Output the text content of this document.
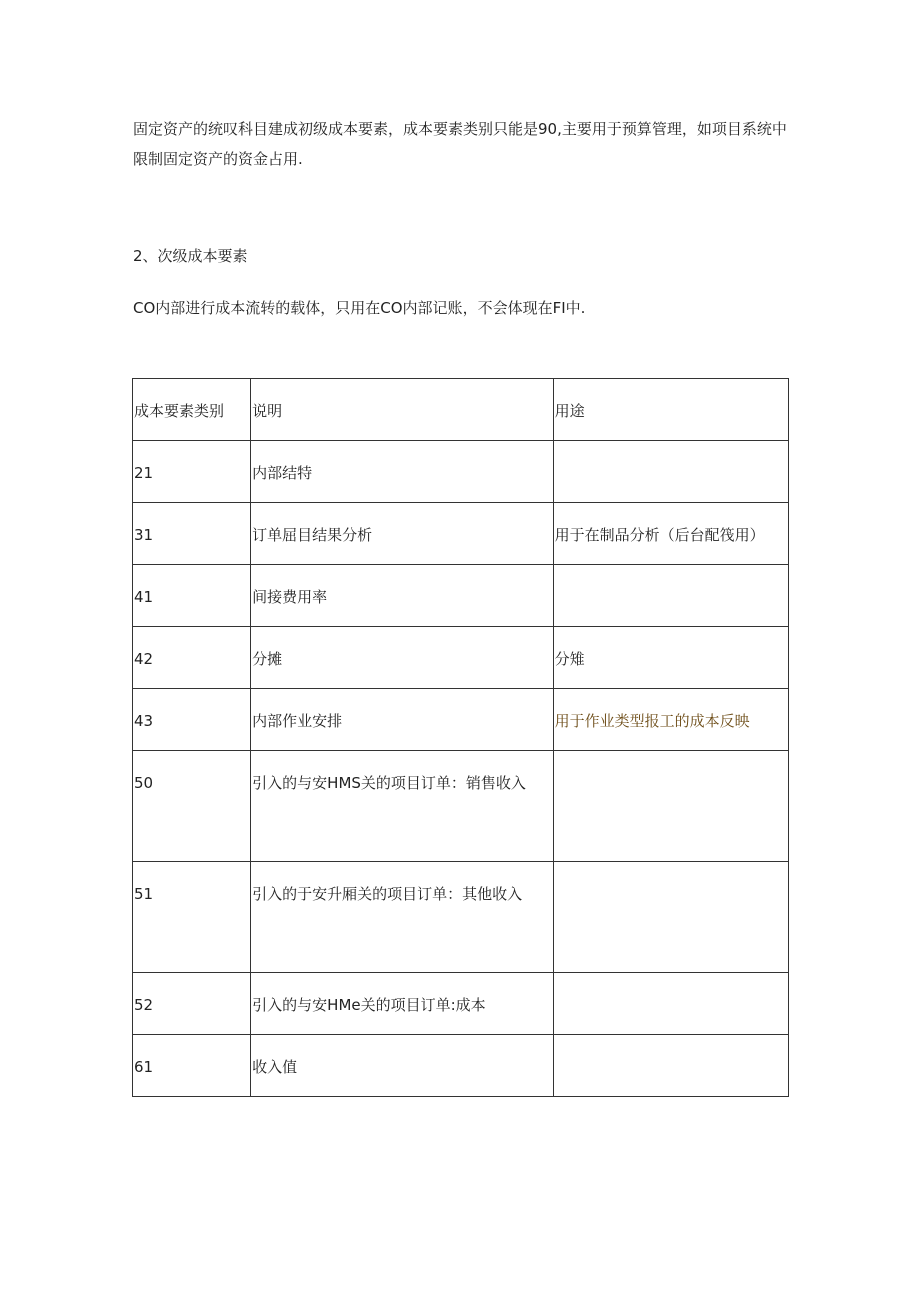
固定资产的统叹科目建成初级成本要素，成本要素类别只能是90,主要用于预算管理，如项目系统中限制固定资产的资金占用.

2、次级成本要素

CO内部进行成本流转的载体，只用在CO内部记账，不会体现在FI中.

成本要素类别	说明	用途

21	内部结特	

31	订单屈目结果分析	用于在制品分析（后台配筏用）

41	间接费用率	

42	分摊	分雉

43	内部作业安排	用于作业类型报工的成本反映

50	引入的与安HMS关的项目订单：销售收入	

51	引入的于安升厢关的项目订单：其他收入	

52	引入的与安HMe关的项目订单:成本	

61	收入值	
